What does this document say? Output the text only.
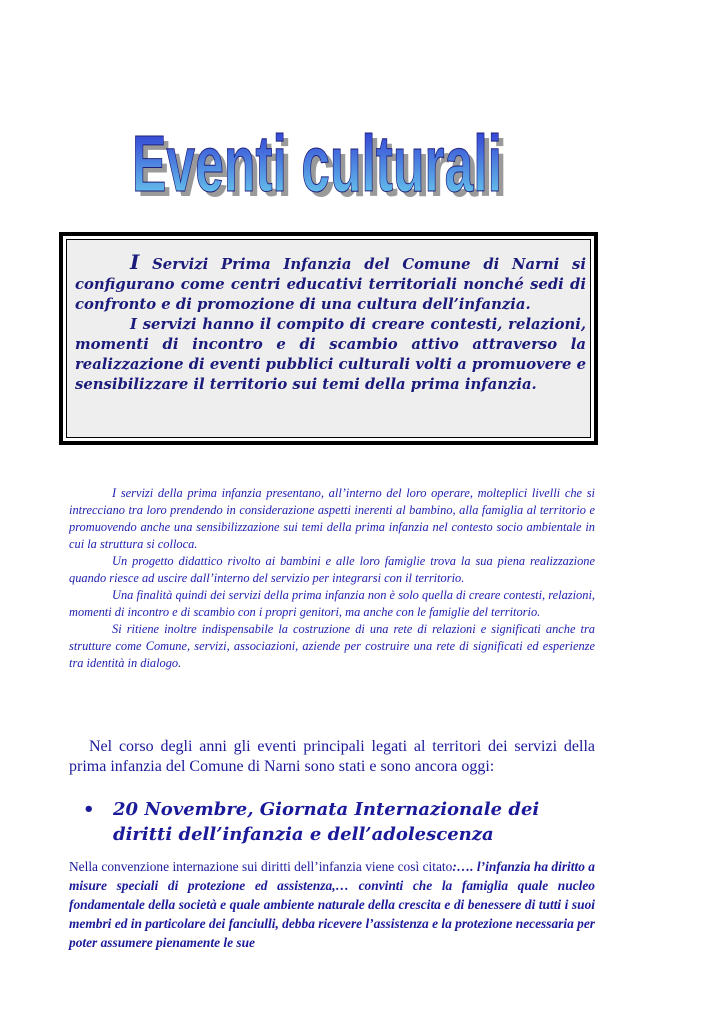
Eventi culturali
Eventi culturali

I Servizi Prima Infanzia del Comune di Narni si configurano come centri educativi territoriali nonché sedi di confronto e di promozione di una cultura dell’infanzia.

I servizi hanno il compito di creare contesti, relazioni, momenti di incontro e di scambio attivo attraverso la realizzazione di eventi pubblici culturali volti a promuovere e sensibilizzare il territorio sui temi della prima infanzia.

I servizi della prima infanzia presentano, all’interno del loro operare, molteplici livelli che si intrecciano tra loro prendendo in considerazione aspetti inerenti al bambino, alla famiglia al territorio e promuovendo anche una sensibilizzazione sui temi della prima infanzia nel contesto socio ambientale in cui la struttura si colloca.

Un progetto didattico rivolto ai bambini e alle loro famiglie trova la sua piena realizzazione quando riesce ad uscire dall’interno del servizio per integrarsi con il territorio.

Una finalità quindi dei servizi della prima infanzia non è solo quella di creare contesti, relazioni, momenti di incontro e di scambio con i propri genitori, ma anche con le famiglie del territorio.

Si ritiene inoltre indispensabile la costruzione di una rete di relazioni e significati anche tra strutture come Comune, servizi, associazioni, aziende per costruire una rete di significati ed esperienze tra identità in dialogo.

Nel corso degli anni gli eventi principali legati al territori dei servizi della prima infanzia del Comune di Narni sono stati e sono ancora oggi:

• 20 Novembre, Giornata Internazionale dei diritti dell’infanzia e dell’adolescenza
Nella convenzione internazione sui diritti dell’infanzia viene così citato:…. l’infanzia ha diritto a misure speciali di protezione ed assistenza,… convinti che la famiglia quale nucleo fondamentale della società e quale ambiente naturale della crescita e di benessere di tutti i suoi membri ed in particolare dei fanciulli, debba ricevere l’assistenza e la protezione necessaria per poter assumere pienamente le sue
